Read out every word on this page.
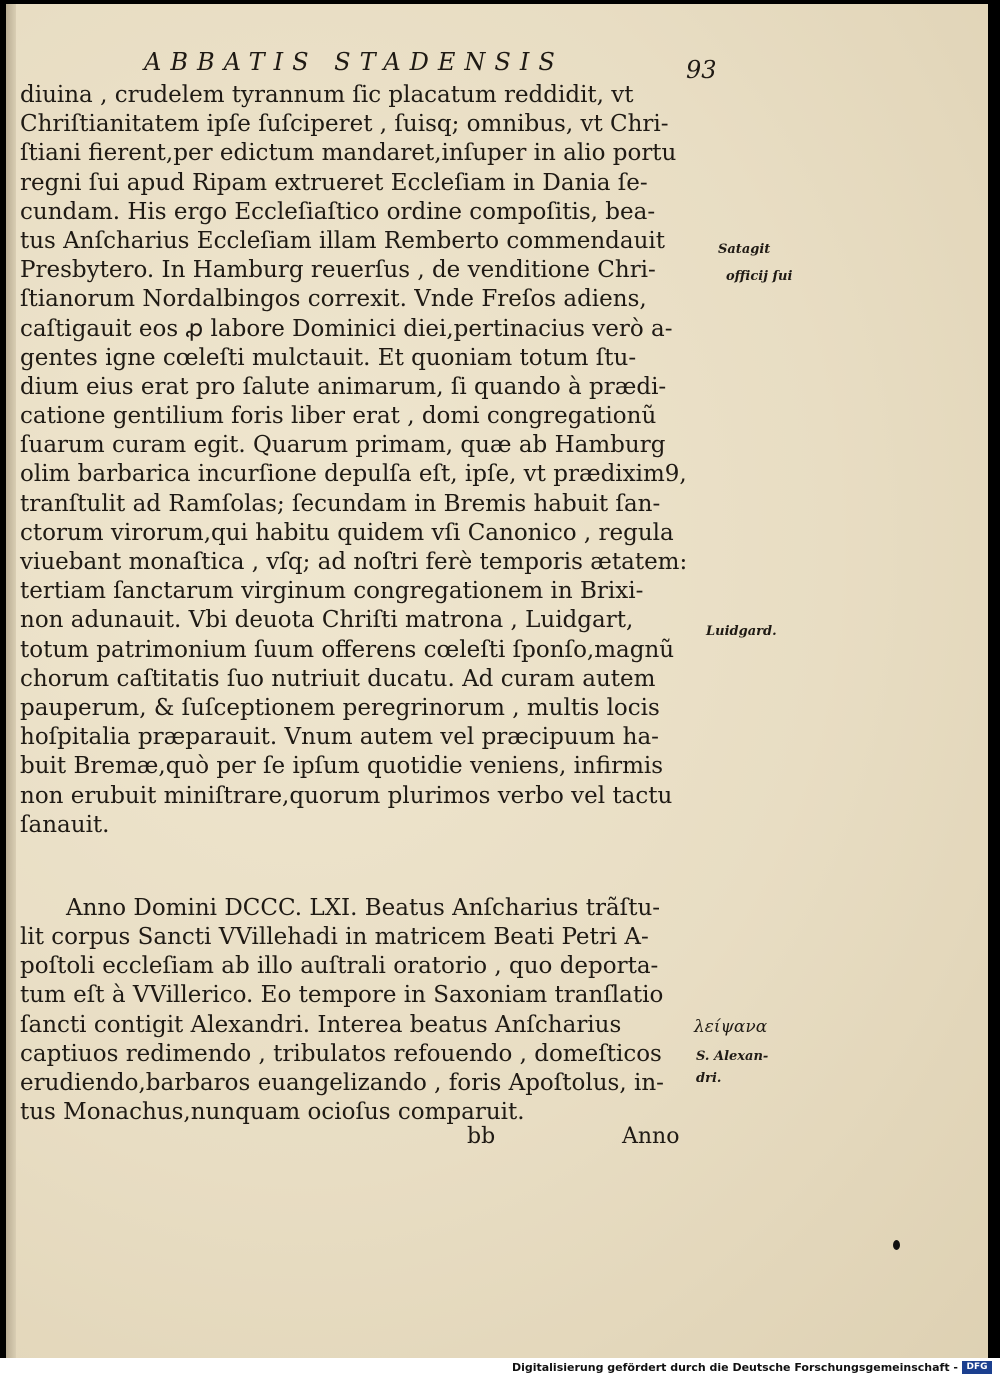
ABBATIS STADENSIS	93
diuina , crudelem tyrannum ſic placatum reddidit, vt
Chriſtianitatem ipſe ſuſciperet , ſuisq; omnibus, vt Chri-
ſtiani fierent,per edictum mandaret,inſuper in alio portu
regni ſui apud Ripam extrueret Eccleſiam in Dania ſe-
cundam. His ergo Eccleſiaſtico ordine compoſitis, bea-
tus Anſcharius Eccleſiam illam Remberto commendauit
Presbytero. In Hamburg reuerſus , de venditione Chri-
ſtianorum Nordalbingos correxit. Vnde Freſos adiens,
caſtigauit eos ꝓ labore Dominici diei,pertinacius verò a-
gentes igne cœleſti mulctauit. Et quoniam totum ſtu-
dium eius erat pro ſalute animarum, ſi quando à prædi-
catione gentilium foris liber erat , domi congregationũ
ſuarum curam egit. Quarum primam, quæ ab Hamburg
olim barbarica incurſione depulſa eſt, ipſe, vt prædixim9,
tranſtulit ad Ramſolas; ſecundam in Bremis habuit ſan-
ctorum virorum,qui habitu quidem vſi Canonico , regula
viuebant monaſtica , vſq; ad noſtri ferè temporis ætatem:
tertiam ſanctarum virginum congregationem in Brixi-
non adunauit. Vbi deuota Chriſti matrona , Luidgart,
totum patrimonium ſuum offerens cœleſti ſponſo,magnũ
chorum caſtitatis ſuo nutriuit ducatu. Ad curam autem
pauperum, & ſuſceptionem peregrinorum , multis locis
hoſpitalia præparauit. Vnum autem vel præcipuum ha-
buit Bremæ,quò per ſe ipſum quotidie veniens, infirmis
non erubuit miniſtrare,quorum plurimos verbo vel tactu
ſanauit.
Anno Domini DCCC. LXI. Beatus Anſcharius trãſtu-
lit corpus Sancti VVillehadi in matricem Beati Petri A-
poſtoli eccleſiam ab illo auſtrali oratorio , quo deporta-
tum eſt à VVillerico. Eo tempore in Saxoniam tranſlatio
ſancti contigit Alexandri. Interea beatus Anſcharius
captiuos redimendo , tribulatos refouendo , domeſticos
erudiendo,barbaros euangelizando , foris Apoſtolus, in-
tus Monachus,nunquam ocioſus comparuit.
Satagit
officij ſui
Luidgard.
λείψανα
S. Alexan-
dri.
bb	Anno
Digitalisierung gefördert durch die Deutsche Forschungsgemeinschaft - DFG
